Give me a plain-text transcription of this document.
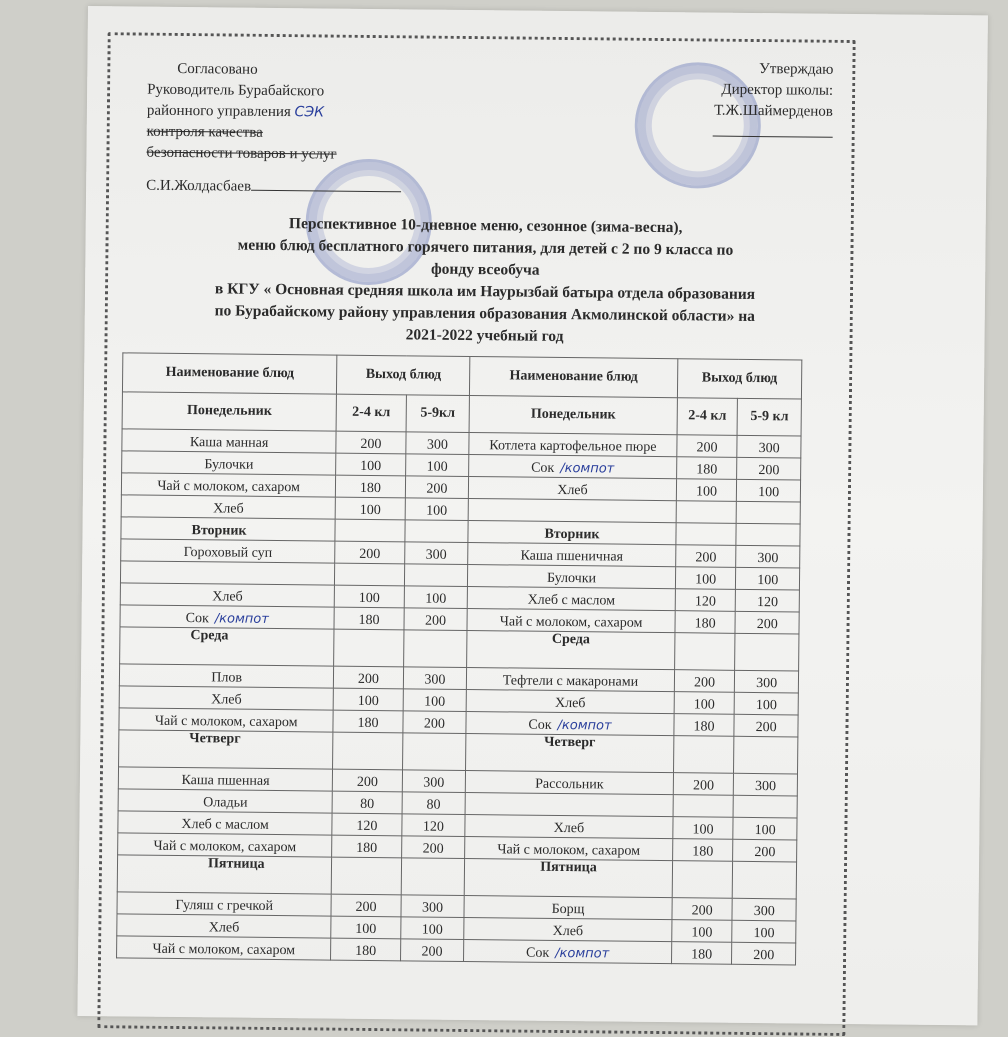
Согласовано
Руководитель Бурабайского
районного управления СЭК
контроля качества
безопасности товаров и услуг
С.И.Жолдасбаев
Утверждаю
Директор школы:
Т.Ж.Шаймерденов
Перспективное 10-дневное меню, сезонное (зима-весна),
меню блюд бесплатного горячего питания, для детей с 2 по 9 класса по
фонду всеобуча
в КГУ « Основная средняя школа им Наурызбай батыра отдела образования
по Бурабайскому району управления образования Акмолинской области» на
2021-2022 учебный год
Наименование блюд	Выход блюд		Наименование блюд	Выход блюд	
Понедельник	2-4 кл	5-9кл	Понедельник	2-4 кл	5-9 кл
Каша манная	200	300	Котлета картофельное пюре	200	300
Булочки	100	100	Сок /компот	180	200
Чай с молоком, сахаром	180	200	Хлеб	100	100
Хлеб	100	100			
Вторник			Вторник		
Гороховый суп	200	300	Каша пшеничная	200	300
			Булочки	100	100
Хлеб	100	100	Хлеб с маслом	120	120
Сок /компот	180	200	Чай с молоком, сахаром	180	200
Среда			Среда		
Плов	200	300	Тефтели с макаронами	200	300
Хлеб	100	100	Хлеб	100	100
Чай с молоком, сахаром	180	200	Сок /компот	180	200
Четверг			Четверг		
Каша пшенная	200	300	Рассольник	200	300
Оладьи	80	80			
Хлеб с маслом	120	120	Хлеб	100	100
Чай с молоком, сахаром	180	200	Чай с молоком, сахаром	180	200
Пятница			Пятница		
Гуляш с гречкой	200	300	Борщ	200	300
Хлеб	100	100	Хлеб	100	100
Чай с молоком, сахаром	180	200	Сок /компот	180	200
